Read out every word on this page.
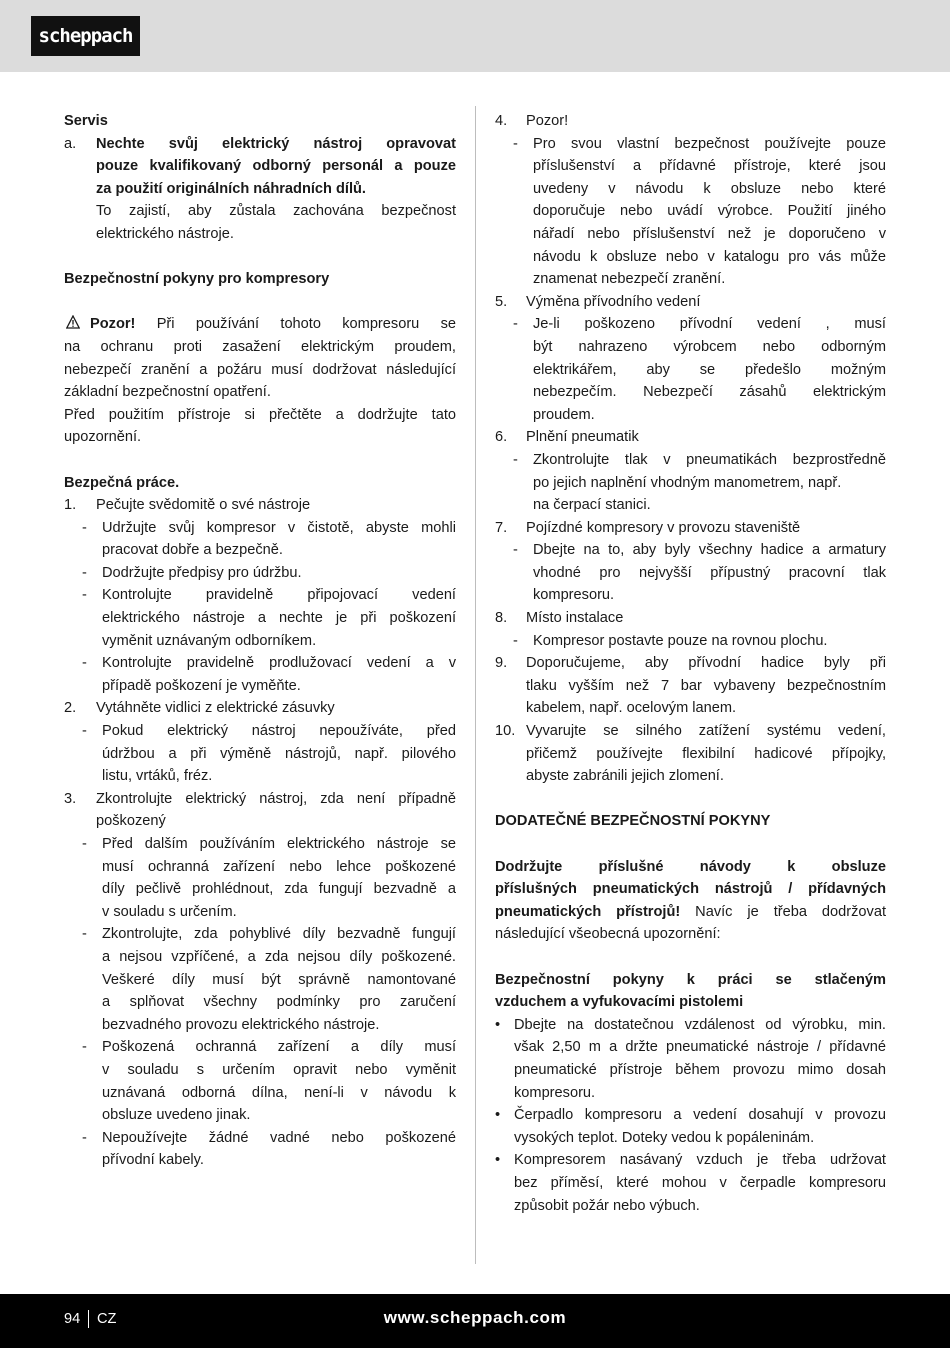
scheppach
Servis
a.	Nechte svůj elektrický nástroj opravovat
pouze kvalifikovaný odborný personál a pouze
za použití originálních náhradních dílů.
To zajistí, aby zůstala zachována bezpečnost
elektrického nástroje.
Bezpečnostní pokyny pro kompresory
Pozor! Při používání tohoto kompresoru se
na ochranu proti zasažení elektrickým proudem,
nebezpečí zranění a požáru musí dodržovat následující
základní bezpečnostní opatření.
Před použitím přístroje si přečtěte a dodržujte tato
upozornění.
Bezpečná práce.
1.	Pečujte svědomitě o své nástroje
-	Udržujte svůj kompresor v čistotě, abyste mohli
pracovat dobře a bezpečně.
-	Dodržujte předpisy pro údržbu.
-	Kontrolujte pravidelně připojovací vedení
elektrického nástroje a nechte je při poškození
vyměnit uznávaným odborníkem.
-	Kontrolujte pravidelně prodlužovací vedení a v
případě poškození je vyměňte.
2.	Vytáhněte vidlici z elektrické zásuvky
-	Pokud elektrický nástroj nepoužíváte, před
údržbou a při výměně nástrojů, např. pilového
listu, vrtáků, fréz.
3.	Zkontrolujte elektrický nástroj, zda není případně
poškozený
-	Před dalším používáním elektrického nástroje se
musí ochranná zařízení nebo lehce poškozené
díly pečlivě prohlédnout, zda fungují bezvadně a
v souladu s určením.
-	Zkontrolujte, zda pohyblivé díly bezvadně fungují
a nejsou vzpříčené, a zda nejsou díly poškozené.
Veškeré díly musí být správně namontované
a splňovat všechny podmínky pro zaručení
bezvadného provozu elektrického nástroje.
-	Poškozená ochranná zařízení a díly musí
v souladu s určením opravit nebo vyměnit
uznávaná odborná dílna, není-li v návodu k
obsluze uvedeno jinak.
-	Nepoužívejte žádné vadné nebo poškozené
přívodní kabely.
4.	Pozor!
-	Pro svou vlastní bezpečnost používejte pouze
příslušenství a přídavné přístroje, které jsou
uvedeny v návodu k obsluze nebo které
doporučuje nebo uvádí výrobce. Použití jiného
nářadí nebo příslušenství než je doporučeno v
návodu k obsluze nebo v katalogu pro vás může
znamenat nebezpečí zranění.
5.	Výměna přívodního vedení
-	Je-li poškozeno přívodní vedení , musí
být nahrazeno výrobcem nebo odborným
elektrikářem, aby se předešlo možným
nebezpečím. Nebezpečí zásahů elektrickým
proudem.
6.	Plnění pneumatik
-	Zkontrolujte tlak v pneumatikách bezprostředně
po jejich naplnění vhodným manometrem, např.
na čerpací stanici.
7.	Pojízdné kompresory v provozu staveniště
-	Dbejte na to, aby byly všechny hadice a armatury
vhodné pro nejvyšší přípustný pracovní tlak
kompresoru.
8.	Místo instalace
-	Kompresor postavte pouze na rovnou plochu.
9.	Doporučujeme, aby přívodní hadice byly při
tlaku vyšším než 7 bar vybaveny bezpečnostním
kabelem, např. ocelovým lanem.
10. Vyvarujte se silného zatížení systému vedení,
přičemž používejte flexibilní hadicové přípojky,
abyste zabránili jejich zlomení.
DODATEČNÉ BEZPEČNOSTNÍ POKYNY
Dodržujte příslušné návody k obsluze
příslušných pneumatických nástrojů / přídavných
pneumatických přístrojů! Navíc je třeba dodržovat
následující všeobecná upozornění:
Bezpečnostní pokyny k práci se stlačeným
vzduchem a vyfukovacími pistolemi
• Dbejte na dostatečnou vzdálenost od výrobku, min.
však 2,50 m a držte pneumatické nástroje / přídavné
pneumatické přístroje během provozu mimo dosah
kompresoru.
• Čerpadlo kompresoru a vedení dosahují v provozu
vysokých teplot. Doteky vedou k popáleninám.
• Kompresorem nasávaný vzduch je třeba udržovat
bez příměsí, které mohou v čerpadle kompresoru
způsobit požár nebo výbuch.
94 CZ	www.scheppach.com
